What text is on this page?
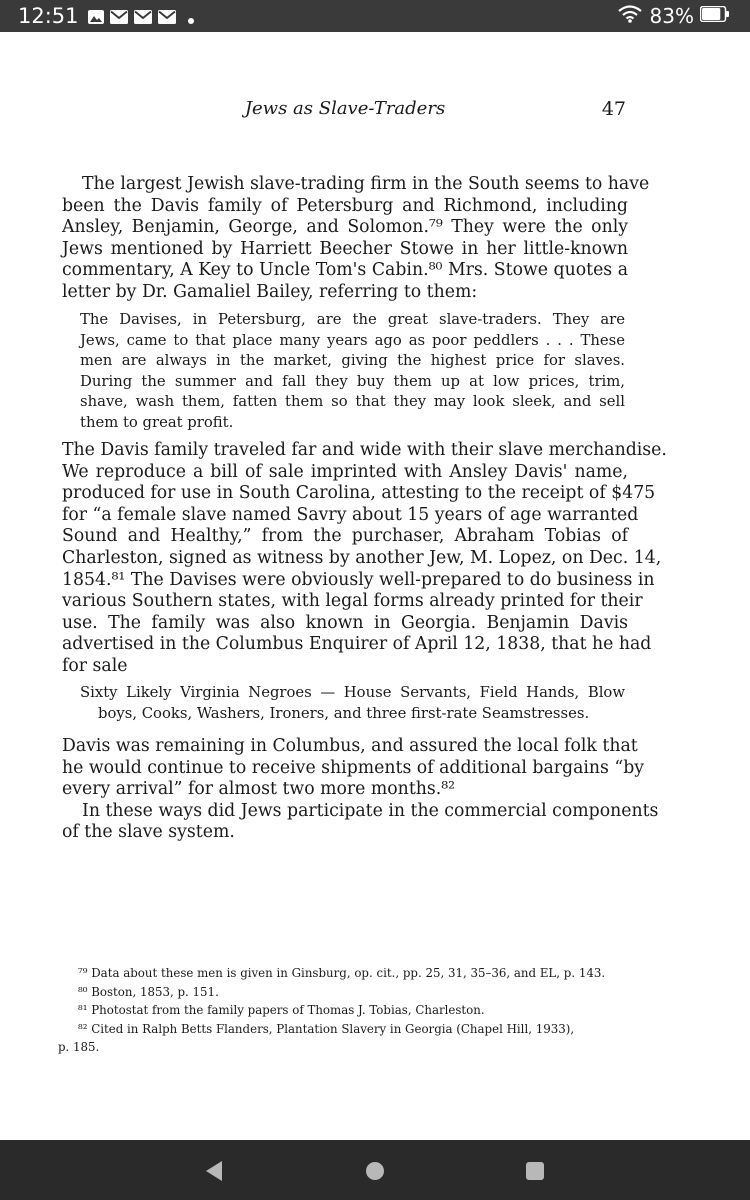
12:51	83%
Jews as Slave-Traders	47
The largest Jewish slave-trading firm in the South seems to have
been the Davis family of Petersburg and Richmond, including
Ansley, Benjamin, George, and Solomon.⁷⁹ They were the only
Jews mentioned by Harriett Beecher Stowe in her little-known
commentary, A Key to Uncle Tom's Cabin.⁸⁰ Mrs. Stowe quotes a
letter by Dr. Gamaliel Bailey, referring to them:
The Davises, in Petersburg, are the great slave-traders. They are
Jews, came to that place many years ago as poor peddlers . . . These
men are always in the market, giving the highest price for slaves.
During the summer and fall they buy them up at low prices, trim,
shave, wash them, fatten them so that they may look sleek, and sell
them to great profit.
The Davis family traveled far and wide with their slave merchandise.
We reproduce a bill of sale imprinted with Ansley Davis' name,
produced for use in South Carolina, attesting to the receipt of $475
for “a female slave named Savry about 15 years of age warranted
Sound and Healthy,” from the purchaser, Abraham Tobias of
Charleston, signed as witness by another Jew, M. Lopez, on Dec. 14,
1854.⁸¹ The Davises were obviously well-prepared to do business in
various Southern states, with legal forms already printed for their
use. The family was also known in Georgia. Benjamin Davis
advertised in the Columbus Enquirer of April 12, 1838, that he had
for sale
Sixty Likely Virginia Negroes — House Servants, Field Hands, Blow
boys, Cooks, Washers, Ironers, and three first-rate Seamstresses.
Davis was remaining in Columbus, and assured the local folk that
he would continue to receive shipments of additional bargains “by
every arrival” for almost two more months.⁸²
In these ways did Jews participate in the commercial components
of the slave system.
⁷⁹ Data about these men is given in Ginsburg, op. cit., pp. 25, 31, 35–36, and EL, p. 143.
⁸⁰ Boston, 1853, p. 151.
⁸¹ Photostat from the family papers of Thomas J. Tobias, Charleston.
⁸² Cited in Ralph Betts Flanders, Plantation Slavery in Georgia (Chapel Hill, 1933),
p. 185.
